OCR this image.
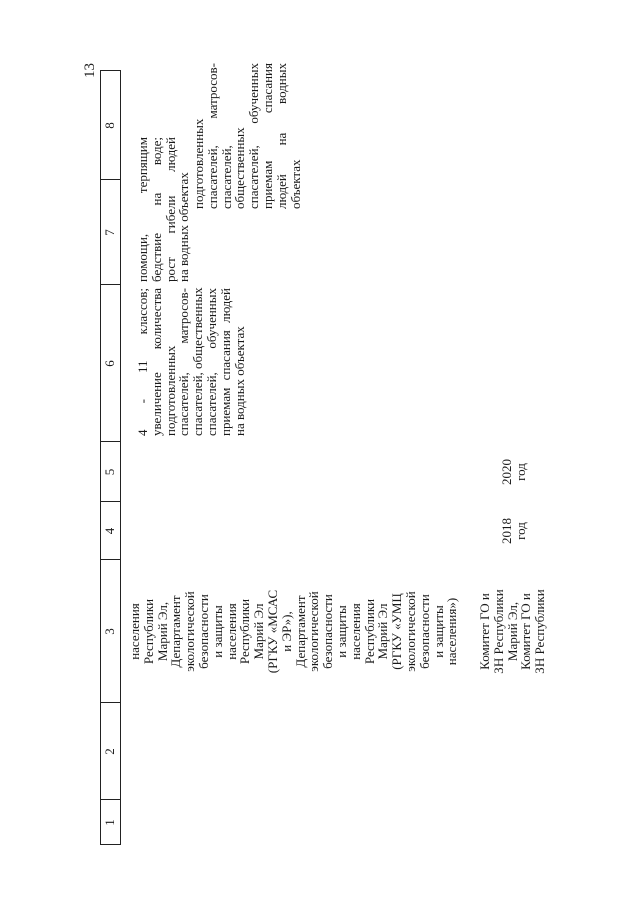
13
1
2
3
4
5
6
7
8
населения
Республики
Марий Эл,
Департамент
экологической
безопасности
и защиты
населения
Республики
Марий Эл
(РГКУ «МСАС
и ЭР»),
Департамент
экологической
безопасности
и защиты
населения
Республики
Марий Эл
(РГКУ «УМЦ
экологической
безопасности
и защиты
населения»)
4 - 11 классов;
увеличение количества
подготовленных
спасателей, матросов-
спасателей, общественных
спасателей, обученных
приемам спасания людей
на водных объектах
помощи, терпящим
бедствие на воде;
рост гибели людей
на водных объектах
подготовленных
спасателей, матросов-
спасателей,
общественных
спасателей, обученных
приемам спасания
людей на водных
объектах
Комитет ГО и
ЗН Республики
Марий Эл,
Комитет ГО и
ЗН Республики
2018
год
2020
год
